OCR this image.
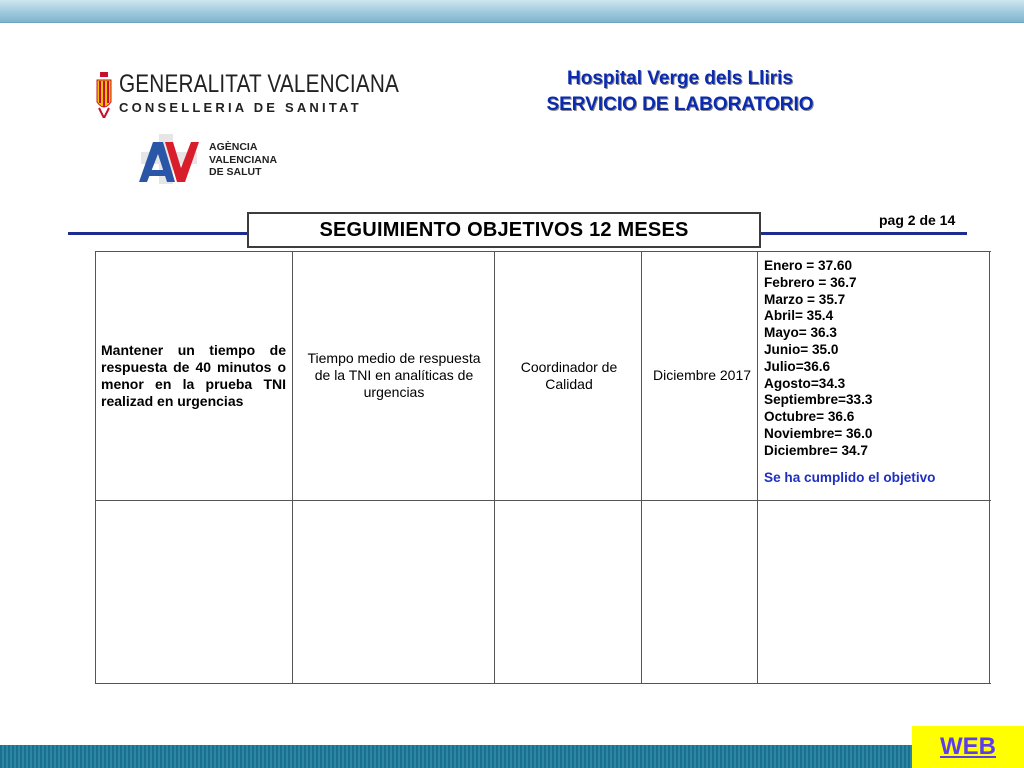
GENERALITAT VALENCIANA
CONSELLERIA DE SANITAT
AGÈNCIA
VALENCIANA
DE SALUT
Hospital Verge dels Lliris
SERVICIO DE LABORATORIO
SEGUIMIENTO OBJETIVOS 12 MESES	pag 2 de 14
Mantener un tiempo de respuesta de 40 minutos o menor en la prueba TNI realizad en urgencias
Tiempo medio de respuesta de la TNI en analíticas de urgencias
Coordinador de Calidad
Diciembre 2017
Enero = 37.60
Febrero = 36.7
Marzo = 35.7
Abril= 35.4
Mayo= 36.3
Junio= 35.0
Julio=36.6
Agosto=34.3
Septiembre=33.3
Octubre= 36.6
Noviembre= 36.0
Diciembre= 34.7
Se ha cumplido el objetivo
WEB
